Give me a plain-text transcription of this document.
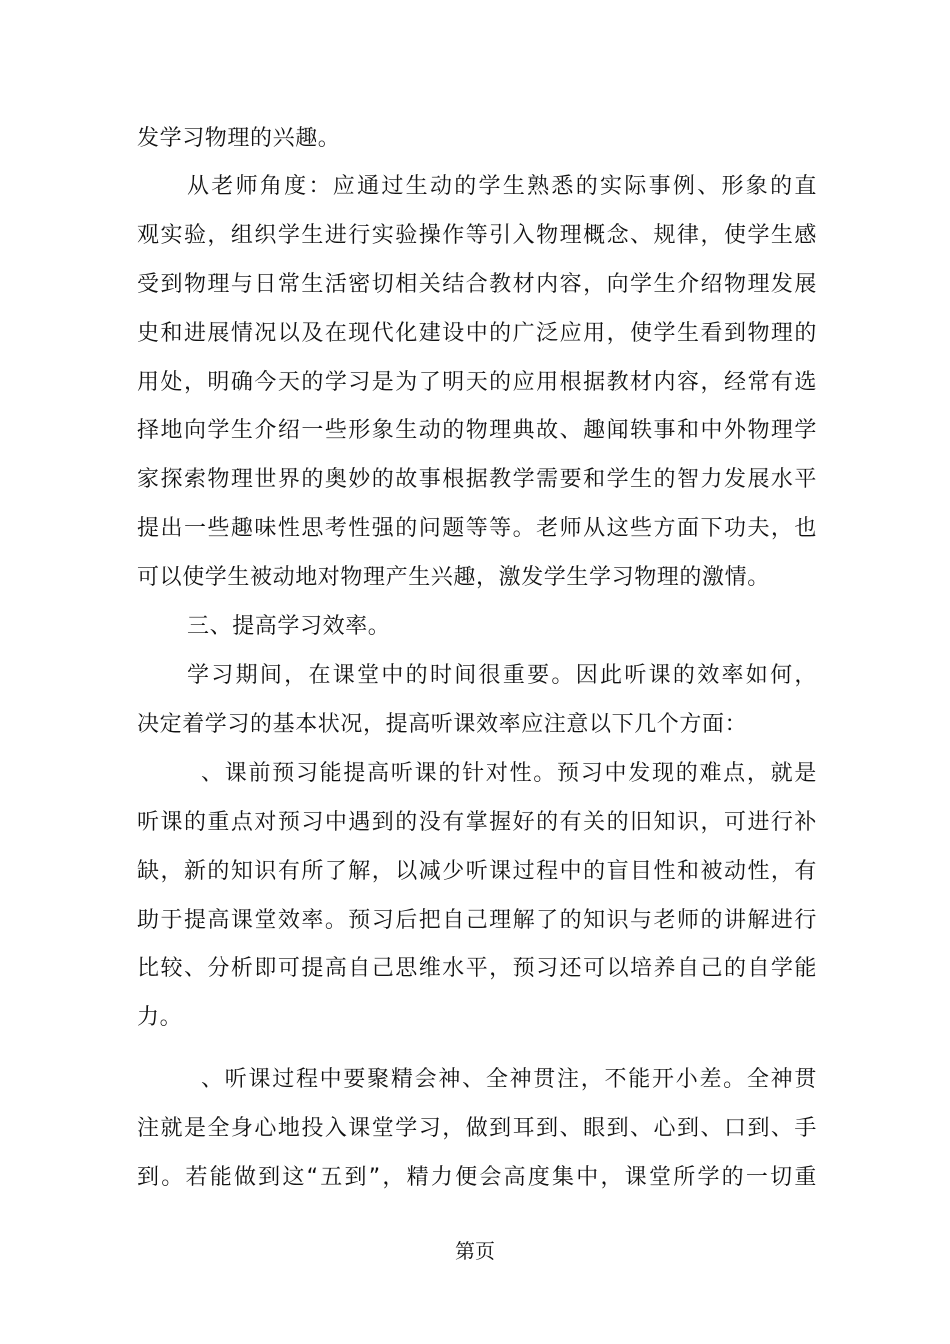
发学习物理的兴趣。
从老师角度：应通过生动的学生熟悉的实际事例、形象的直
观实验，组织学生进行实验操作等引入物理概念、规律，使学生感
受到物理与日常生活密切相关结合教材内容，向学生介绍物理发展
史和进展情况以及在现代化建设中的广泛应用，使学生看到物理的
用处，明确今天的学习是为了明天的应用根据教材内容，经常有选
择地向学生介绍一些形象生动的物理典故、趣闻轶事和中外物理学
家探索物理世界的奥妙的故事根据教学需要和学生的智力发展水平
提出一些趣味性思考性强的问题等等。老师从这些方面下功夫，也
可以使学生被动地对物理产生兴趣，激发学生学习物理的激情。
三、提高学习效率。
学习期间，在课堂中的时间很重要。因此听课的效率如何，
决定着学习的基本状况，提高听课效率应注意以下几个方面：
、课前预习能提高听课的针对性。预习中发现的难点，就是
听课的重点对预习中遇到的没有掌握好的有关的旧知识，可进行补
缺，新的知识有所了解，以减少听课过程中的盲目性和被动性，有
助于提高课堂效率。预习后把自己理解了的知识与老师的讲解进行
比较、分析即可提高自己思维水平，预习还可以培养自己的自学能
力。
、听课过程中要聚精会神、全神贯注，不能开小差。全神贯
注就是全身心地投入课堂学习，做到耳到、眼到、心到、口到、手
到。若能做到这“五到”，精力便会高度集中，课堂所学的一切重
第页
